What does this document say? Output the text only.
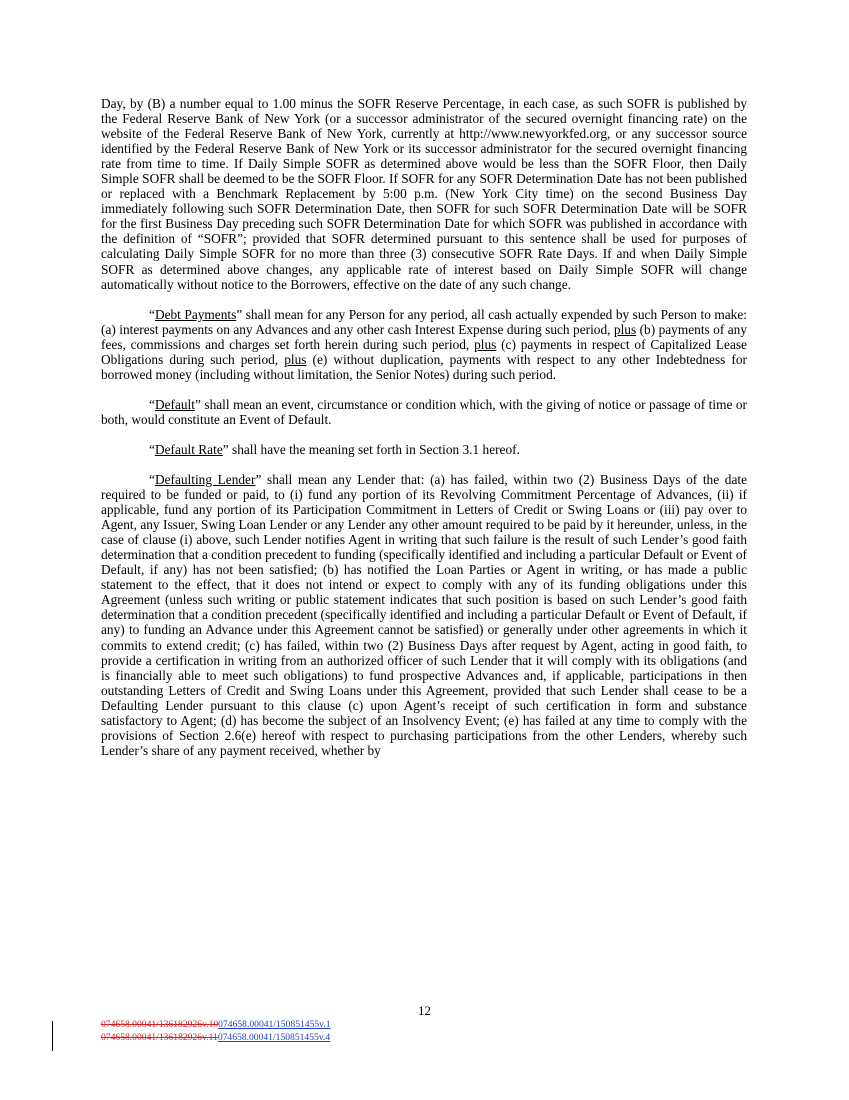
Day, by (B) a number equal to 1.00 minus the SOFR Reserve Percentage, in each case, as such SOFR is published by the Federal Reserve Bank of New York (or a successor administrator of the secured overnight financing rate) on the website of the Federal Reserve Bank of New York, currently at http://www.newyorkfed.org, or any successor source identified by the Federal Reserve Bank of New York or its successor administrator for the secured overnight financing rate from time to time. If Daily Simple SOFR as determined above would be less than the SOFR Floor, then Daily Simple SOFR shall be deemed to be the SOFR Floor. If SOFR for any SOFR Determination Date has not been published or replaced with a Benchmark Replacement by 5:00 p.m. (New York City time) on the second Business Day immediately following such SOFR Determination Date, then SOFR for such SOFR Determination Date will be SOFR for the first Business Day preceding such SOFR Determination Date for which SOFR was published in accordance with the definition of “SOFR”; provided that SOFR determined pursuant to this sentence shall be used for purposes of calculating Daily Simple SOFR for no more than three (3) consecutive SOFR Rate Days. If and when Daily Simple SOFR as determined above changes, any applicable rate of interest based on Daily Simple SOFR will change automatically without notice to the Borrowers, effective on the date of any such change.

“Debt Payments” shall mean for any Person for any period, all cash actually expended by such Person to make: (a) interest payments on any Advances and any other cash Interest Expense during such period, plus (b) payments of any fees, commissions and charges set forth herein during such period, plus (c) payments in respect of Capitalized Lease Obligations during such period, plus (e) without duplication, payments with respect to any other Indebtedness for borrowed money (including without limitation, the Senior Notes) during such period.

“Default” shall mean an event, circumstance or condition which, with the giving of notice or passage of time or both, would constitute an Event of Default.

“Default Rate” shall have the meaning set forth in Section 3.1 hereof.

“Defaulting Lender” shall mean any Lender that: (a) has failed, within two (2) Business Days of the date required to be funded or paid, to (i) fund any portion of its Revolving Commitment Percentage of Advances, (ii) if applicable, fund any portion of its Participation Commitment in Letters of Credit or Swing Loans or (iii) pay over to Agent, any Issuer, Swing Loan Lender or any Lender any other amount required to be paid by it hereunder, unless, in the case of clause (i) above, such Lender notifies Agent in writing that such failure is the result of such Lender’s good faith determination that a condition precedent to funding (specifically identified and including a particular Default or Event of Default, if any) has not been satisfied; (b) has notified the Loan Parties or Agent in writing, or has made a public statement to the effect, that it does not intend or expect to comply with any of its funding obligations under this Agreement (unless such writing or public statement indicates that such position is based on such Lender’s good faith determination that a condition precedent (specifically identified and including a particular Default or Event of Default, if any) to funding an Advance under this Agreement cannot be satisfied) or generally under other agreements in which it commits to extend credit; (c) has failed, within two (2) Business Days after request by Agent, acting in good faith, to provide a certification in writing from an authorized officer of such Lender that it will comply with its obligations (and is financially able to meet such obligations) to fund prospective Advances and, if applicable, participations in then outstanding Letters of Credit and Swing Loans under this Agreement, provided that such Lender shall cease to be a Defaulting Lender pursuant to this clause (c) upon Agent’s receipt of such certification in form and substance satisfactory to Agent; (d) has become the subject of an Insolvency Event; (e) has failed at any time to comply with the provisions of Section 2.6(e) hereof with respect to purchasing participations from the other Lenders, whereby such Lender’s share of any payment received, whether by

12
074658.00041/136182926v.10074658.00041/150851455v.1
074658.00041/136182926v.11074658.00041/150851455v.4
